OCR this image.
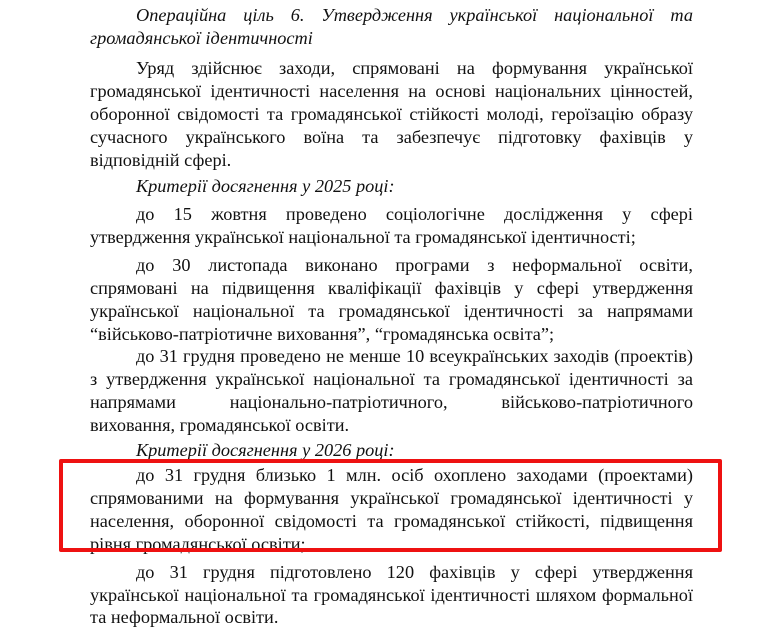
Операційна ціль 6. Утвердження української національної та
громадянської ідентичності
Уряд здійснює заходи, спрямовані на формування української
громадянської ідентичності населення на основі національних цінностей,
оборонної свідомості та громадянської стійкості молоді, героїзацію образу
сучасного українського воїна та забезпечує підготовку фахівців у
відповідній сфері.
Критерії досягнення у 2025 році:
до 15 жовтня проведено соціологічне дослідження у сфері
утвердження української національної та громадянської ідентичності;
до 30 листопада виконано програми з неформальної освіти,
спрямовані на підвищення кваліфікації фахівців у сфері утвердження
української національної та громадянської ідентичності за напрямами
“військово-патріотичне виховання”, “громадянська освіта”;
до 31 грудня проведено не менше 10 всеукраїнських заходів (проектів)
з утвердження української національної та громадянської ідентичності за
напрямами національно-патріотичного, військово-патріотичного
виховання, громадянської освіти.
Критерії досягнення у 2026 році:
до 31 грудня близько 1 млн. осіб охоплено заходами (проектами)
спрямованими на формування української громадянської ідентичності у
населення, оборонної свідомості та громадянської стійкості, підвищення
рівня громадянської освіти;
до 31 грудня підготовлено 120 фахівців у сфері утвердження
української національної та громадянської ідентичності шляхом формальної
та неформальної освіти.
